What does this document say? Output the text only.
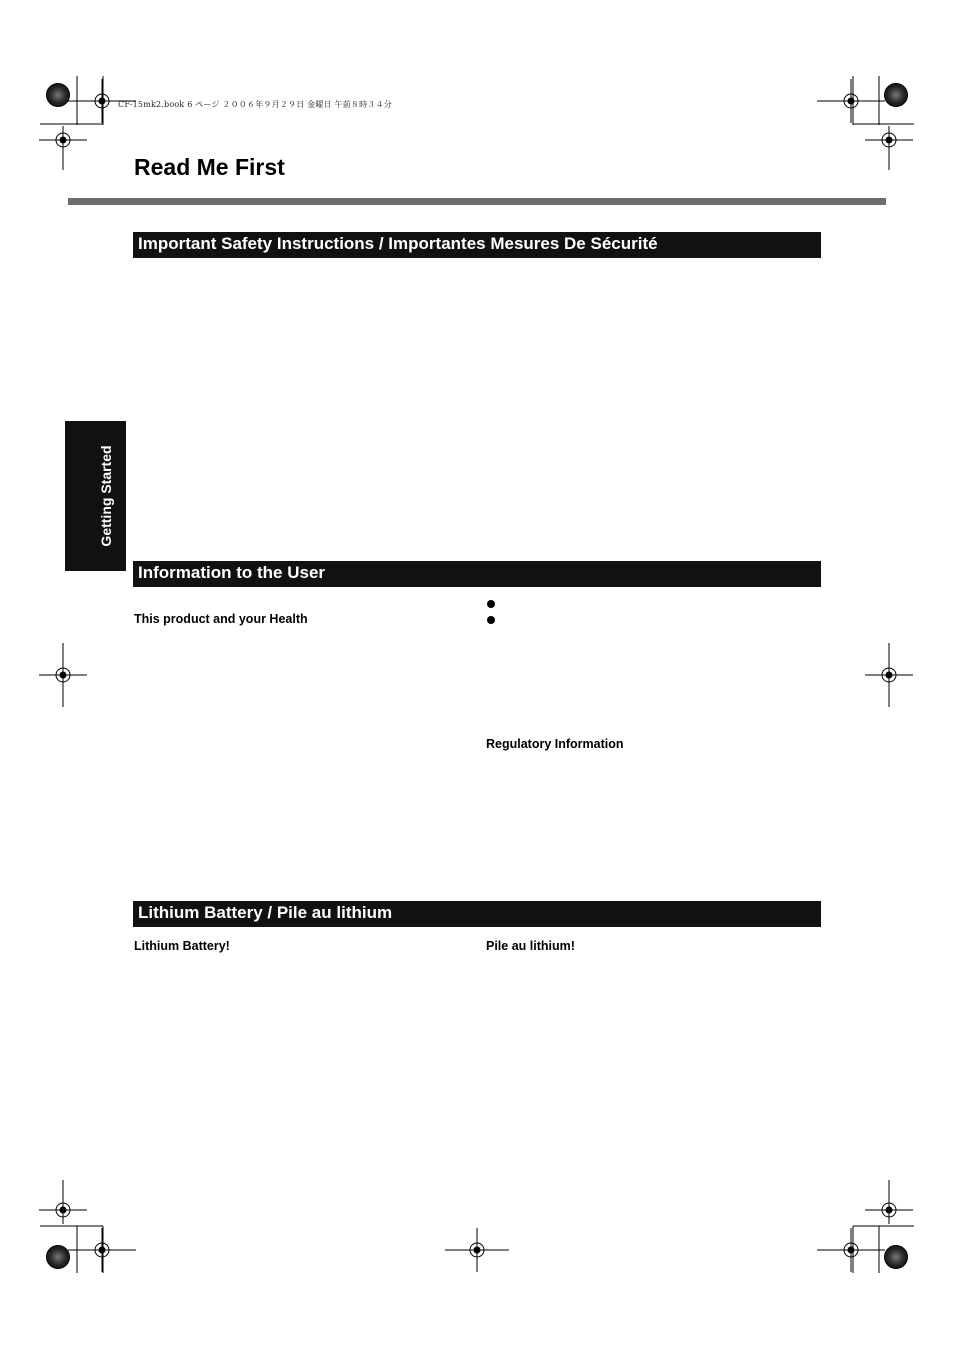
CF-15mk2.book 6 ページ ２００６年９月２９日 金曜日 午前８時３４分
Read Me First
Getting Started
Important Safety Instructions / Importantes Mesures De Sécurité
Information to the User
This product and your Health
Regulatory Information
Lithium Battery / Pile au lithium
Lithium Battery!	Pile au lithium!
